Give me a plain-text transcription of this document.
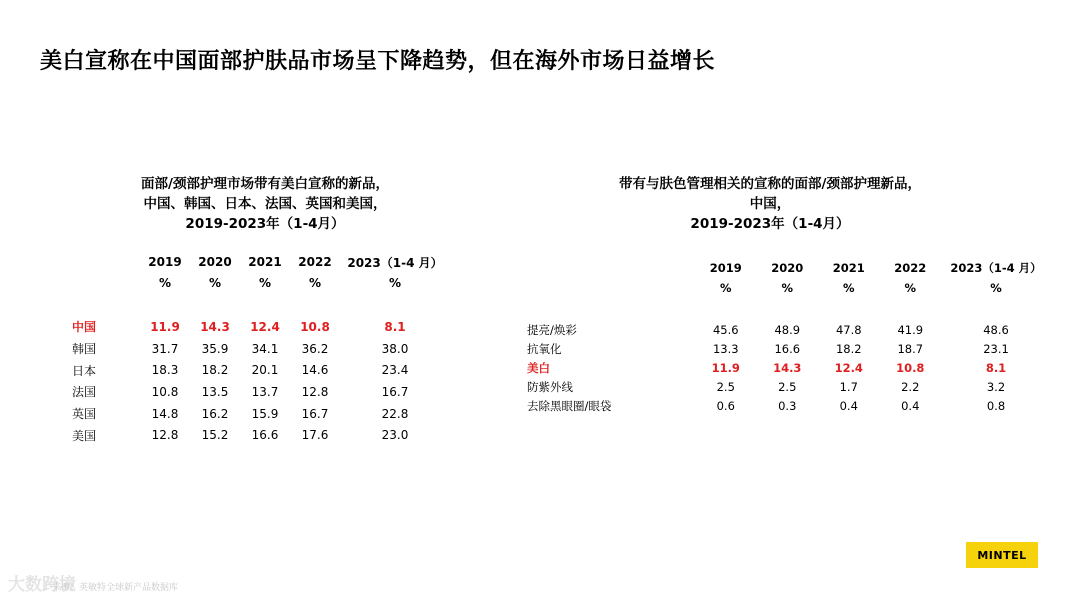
美白宣称在中国面部护肤品市场呈下降趋势，但在海外市场日益增长
面部/颈部护理市场带有美白宣称的新品，
中国、韩国、日本、法国、英国和美国，
2019-2023年（1-4月）
	2019	2020	2021	2022	2023（1-4 月）
	%	%	%	%	%

中国	11.9	14.3	12.4	10.8	8.1
韩国	31.7	35.9	34.1	36.2	38.0
日本	18.3	18.2	20.1	14.6	23.4
法国	10.8	13.5	13.7	12.8	16.7
英国	14.8	16.2	15.9	16.7	22.8
美国	12.8	15.2	16.6	17.6	23.0
带有与肤色管理相关的宣称的面部/颈部护理新品，
中国，
2019-2023年（1-4月）
	2019	2020	2021	2022	2023（1-4 月）
	%	%	%	%	%

提亮/焕彩	45.6	48.9	47.8	41.9	48.6
抗氧化	13.3	16.6	18.2	18.7	23.1
美白	11.9	14.3	12.4	10.8	8.1
防紫外线	2.5	2.5	1.7	2.2	3.2
去除黑眼圈/眼袋	0.6	0.3	0.4	0.4	0.8
MINTEL
大数跨境
来源：英敏特全球新产品数据库
